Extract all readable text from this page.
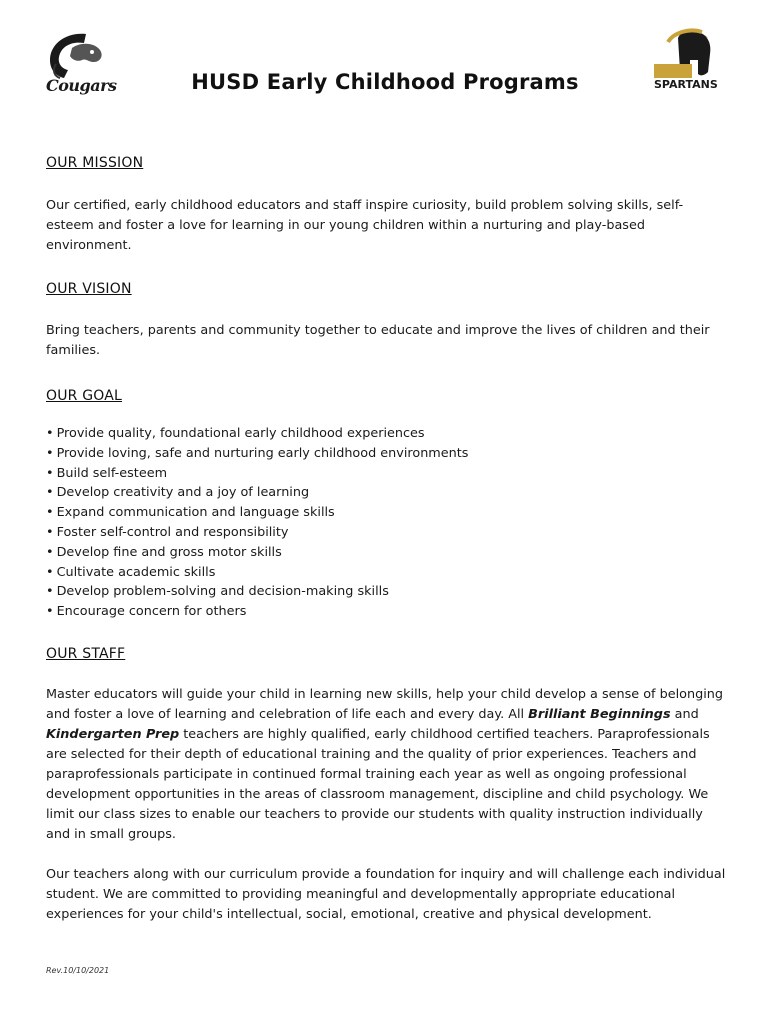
Cougars	HUSD Early Childhood Programs	SPARTANS
OUR MISSION

Our certified, early childhood educators and staff inspire curiosity, build problem solving skills, self-esteem and foster a love for learning in our young children within a nurturing and play-based environment.

OUR VISION

Bring teachers, parents and community together to educate and improve the lives of children and their families.

OUR GOAL
• Provide quality, foundational early childhood experiences
• Provide loving, safe and nurturing early childhood environments
• Build self-esteem
• Develop creativity and a joy of learning
• Expand communication and language skills
• Foster self-control and responsibility
• Develop fine and gross motor skills
• Cultivate academic skills
• Develop problem-solving and decision-making skills
• Encourage concern for others
OUR STAFF

Master educators will guide your child in learning new skills, help your child develop a sense of belonging and foster a love of learning and celebration of life each and every day. All Brilliant Beginnings and Kindergarten Prep teachers are highly qualified, early childhood certified teachers. Paraprofessionals are selected for their depth of educational training and the quality of prior experiences. Teachers and paraprofessionals participate in continued formal training each year as well as ongoing professional development opportunities in the areas of classroom management, discipline and child psychology. We limit our class sizes to enable our teachers to provide our students with quality instruction individually and in small groups.

Our teachers along with our curriculum provide a foundation for inquiry and will challenge each individual student. We are committed to providing meaningful and developmentally appropriate educational experiences for your child's intellectual, social, emotional, creative and physical development.

Rev.10/10/2021
